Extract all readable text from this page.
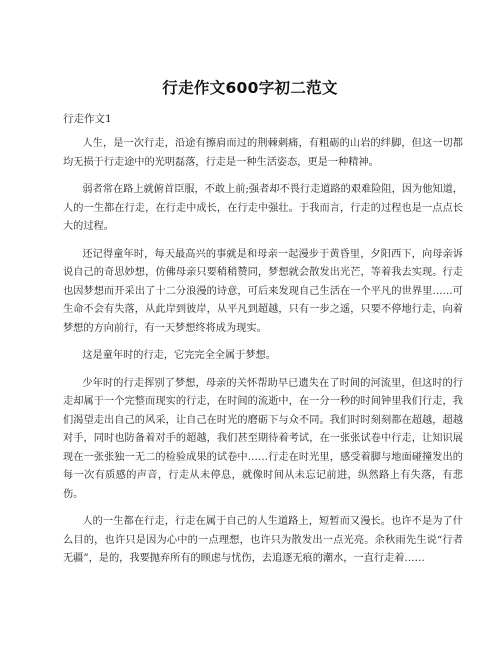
行走作文600字初二范文
行走作文1

人生，是一次行走，沿途有擦肩而过的荆棘刺痛，有粗砺的山岩的绊脚，但这一切都均无损于行走途中的光明磊落，行走是一种生活姿态，更是一种精神。

弱者常在路上就俯首臣服，不敢上前;强者却不畏行走道路的艰难险阻，因为他知道，人的一生都在行走，在行走中成长，在行走中强壮。于我而言，行走的过程也是一点点长大的过程。

还记得童年时，每天最高兴的事就是和母亲一起漫步于黄昏里，夕阳西下，向母亲诉说自己的奇思妙想，仿佛母亲只要稍稍赞同，梦想就会散发出光芒，等着我去实现。行走也因梦想而开采出了十二分浪漫的诗意，可后来发现自己生活在一个平凡的世界里……可生命不会有失落，从此岸到彼岸，从平凡到超越，只有一步之遥，只要不停地行走，向着梦想的方向前行，有一天梦想终将成为现实。

这是童年时的行走，它完完全全属于梦想。

少年时的行走挥别了梦想，母亲的关怀帮助早已遗失在了时间的河流里，但这时的行走却属于一个完整而现实的行走，在时间的流逝中，在一分一秒的时间钟里我们行走，我们渴望走出自己的风采，让自己在时光的磨砺下与众不同。我们时时刻刻都在超越，超越对手，同时也防备着对手的超越，我们甚至期待着考试，在一张张试卷中行走，让知识展现在一张张独一无二的检验成果的试卷中……行走在时光里，感受着脚与地面碰撞发出的每一次有质感的声音，行走从未停息，就像时间从未忘记前进，纵然路上有失落，有悲伤。

人的一生都在行走，行走在属于自己的人生道路上，短暂而又漫长。也许不是为了什么目的，也许只是因为心中的一点理想，也许只为散发出一点光亮。余秋雨先生说“行者无疆”，是的，我要抛弃所有的顾虑与忧伤，去追逐无痕的潮水，一直行走着……
